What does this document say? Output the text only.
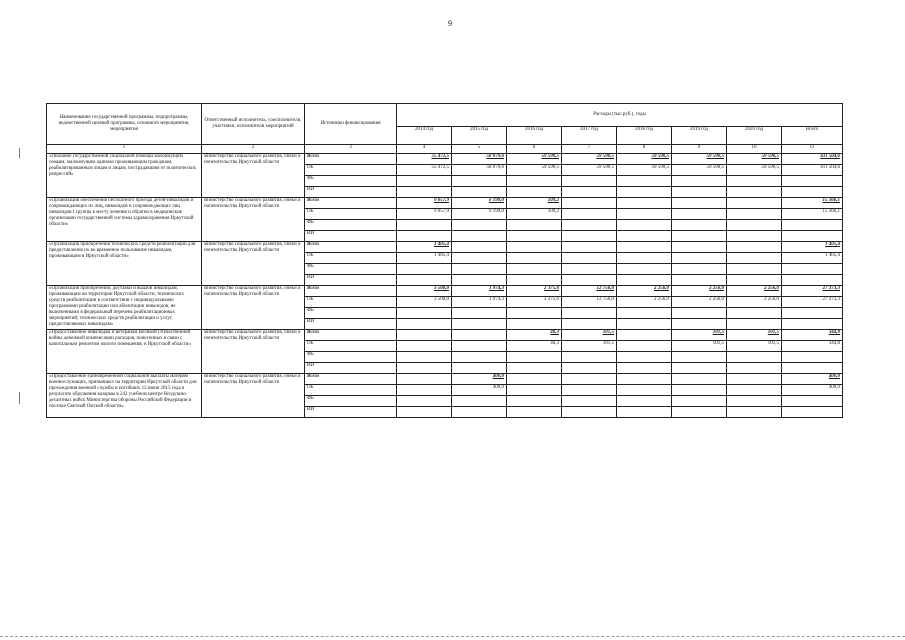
9
Наименование государственной программы, подпрограммы, ведомственной целевой программы, основного мероприятия, мероприятия	Ответственный исполнитель, соисполнители, участники, исполнители мероприятий	Источники финансирования	Расходы (тыс.руб.), годы							
			2014 год	2015 год	2016 год	2017 год	2018 год	2019 год	2020 год	Всего
1	2	3	4	5	6	7	8	9	10	11
«Оказание государственной социальной помощи малоимущим семьям, малоимущим одиноко проживающим гражданам, реабилитированным лицам и лицам, пострадавшим от политических репрессий»	министерство социального развития, опеки и попечительства Иркутской области	Всего	55 472,5	58 079,6	59 590,5	59 590,5	59 590,5	59 590,5	59 590,5	411 504,6
		ОБ	55 472,5	58 079,6	59 590,5	59 590,5	59 590,5	59 590,5	59 590,5	411 504,6
		ФБ								
		ИИ								
«Организация обеспечения бесплатного проезда детей-инвалидов и сопровождающих их лиц, инвалидов и сопровождающих лиц инвалидов I группы к месту лечения и обратно в медицинские организации государственной системы здравоохранения Иркутской области»	министерство социального развития, опеки и попечительства Иркутской области	Всего	9 057,9	6 199,0	109,2					15 366,1
		ОБ	9 057,9	6 199,0	109,2					15 366,1
		ФБ								
		ИИ								
«Организация приобретения технических средств реабилитации для предоставления их во временное пользование инвалидам, проживающим в Иркутской области»	министерство социального развития, опеки и попечительства Иркутской области	Всего	1 405,4							1 405,4
		ОБ	1 405,4							1 405,4
		ФБ								
		ИИ								
«Организация приобретения, доставки и выдачи инвалидам, проживающим на территории Иркутской области, технических средств реабилитации в соответствии с индивидуальными программами реабилитации или абилитации инвалидов, не включенными в федеральный перечень реабилитационных мероприятий, технических средств реабилитации и услуг, предоставляемых инвалидам»	министерство социального развития, опеки и попечительства Иркутской области	Всего	3 500,0	1 974,3	2 375,0	12 756,0	2 256,0	2 256,0	2 256,0	27 373,3
		ОБ	3 500,0	1 974,3	2 375,0	12 756,0	2 256,0	2 256,0	2 256,0	27 373,3
		ФБ								
		ИИ								
«Предоставление инвалидам и ветеранам Великой Отечественной войны денежной компенсации расходов, понесенных в связи с капитальным ремонтом жилого помещения, в Иркутской области»	министерство социального развития, опеки и попечительства Иркутской области	Всего			40,3	101,5		101,5	101,5	344,8
		ОБ			40,3	101,5		101,5	101,5	344,8
		ФБ								
		ИИ								
«Предоставление единовременной социальной выплаты матерям военнослужащих, призванных на территории Иркутской области для прохождения военной службы и погибших 12 июня 2015 года в результате обрушения казармы в 242 учебном центре Воздушно-десантных войск Министерства обороны Российской Федерации в поселке Светлый Омской области»	министерство социального развития, опеки и попечительства Иркутской области	Всего		400,0						400,0
		ОБ		400,0						400,0
		ФБ								
		ИИ								
